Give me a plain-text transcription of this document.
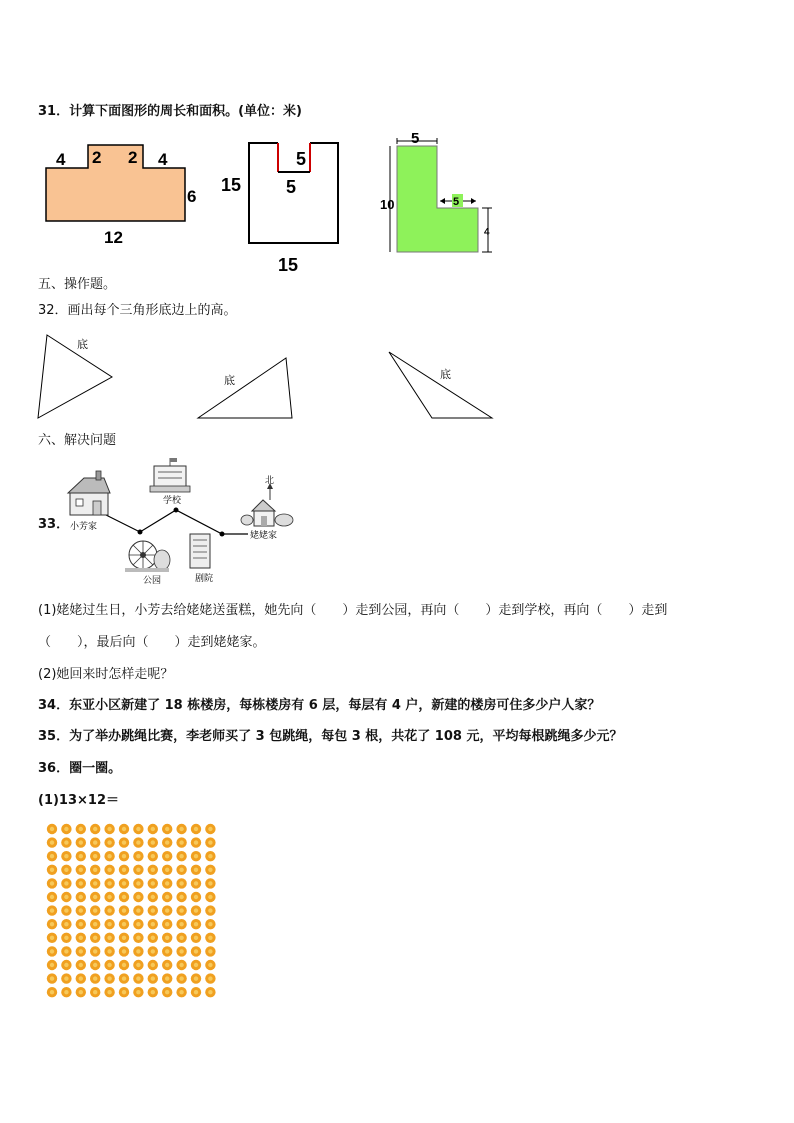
31．计算下面图形的周长和面积。(单位：米)
4 2 2 4
6
12
15
5
5
15
5
10	5
4
五、操作题。
32．画出每个三角形底边上的高。
底
底	底
六、解决问题
33． 小芳家
学校
公园	剧院
北
姥姥家
(1)姥姥过生日，小芳去给姥姥送蛋糕，她先向（　　）走到公园，再向（　　）走到学校，再向（　　）走到
（　　），最后向（　　）走到姥姥家。
(2)她回来时怎样走呢？
34．东亚小区新建了 18 栋楼房，每栋楼房有 6 层，每层有 4 户，新建的楼房可住多少户人家？
35．为了举办跳绳比赛，李老师买了 3 包跳绳，每包 3 根，共花了 108 元，平均每根跳绳多少元？
36．圈一圈。
(1)13×12＝
